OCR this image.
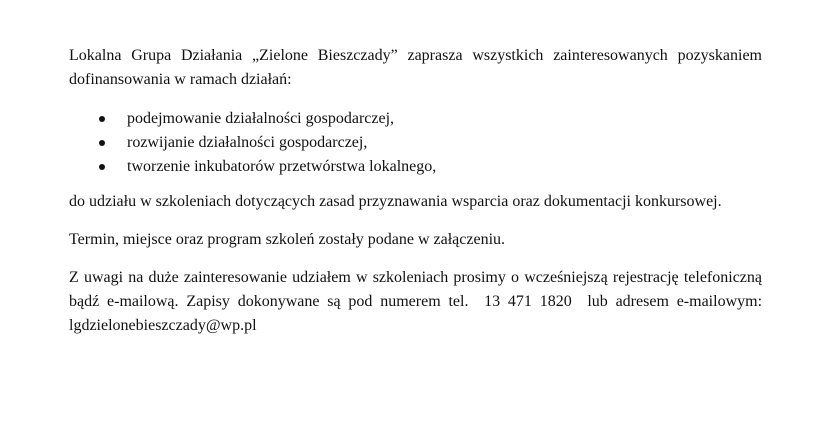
Lokalna Grupa Działania „Zielone Bieszczady” zaprasza wszystkich zainteresowanych pozyskaniem dofinansowania w ramach działań:

podejmowanie działalności gospodarczej,
rozwijanie działalności gospodarczej,
tworzenie inkubatorów przetwórstwa lokalnego,

do udziału w szkoleniach dotyczących zasad przyznawania wsparcia oraz dokumentacji konkursowej.

Termin, miejsce oraz program szkoleń zostały podane w załączeniu.

Z uwagi na duże zainteresowanie udziałem w szkoleniach prosimy o wcześniejszą rejestrację telefoniczną bądź e-mailową. Zapisy dokonywane są pod numerem tel. 13 471 1820 lub adresem e-mailowym: lgdzielonebieszczady@wp.pl
